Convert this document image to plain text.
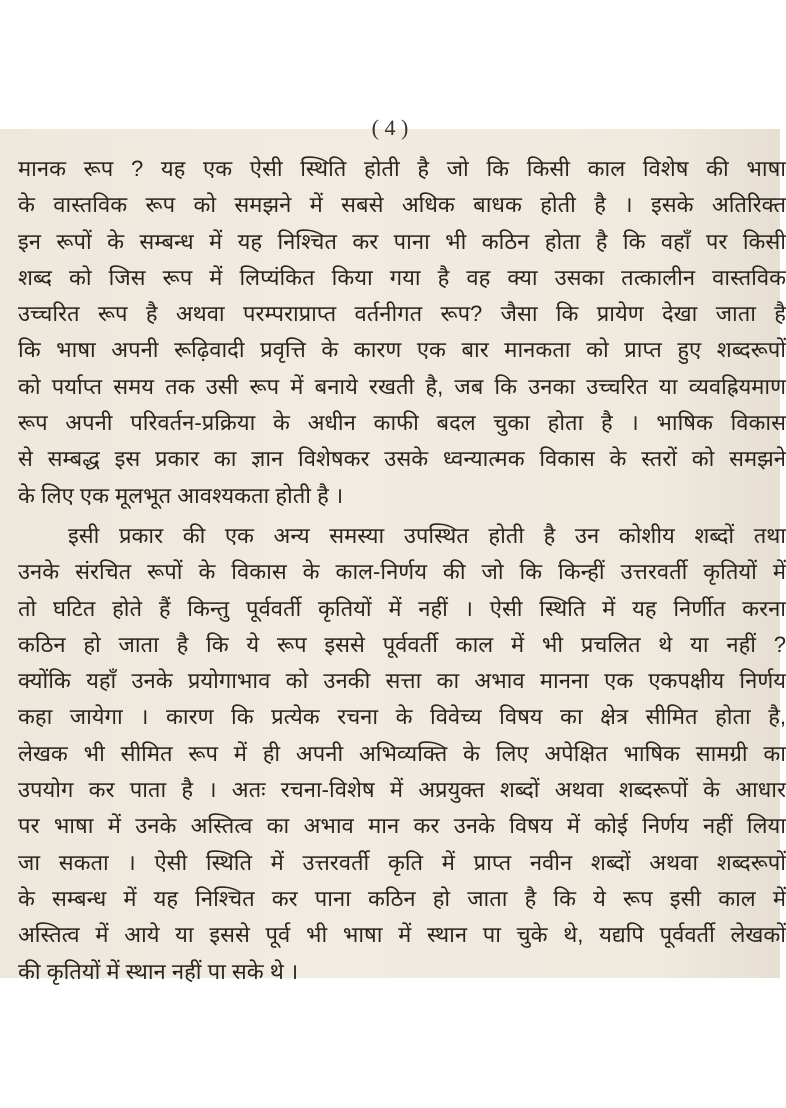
( 4 )
मानक रूप ? यह एक ऐसी स्थिति होती है जो कि किसी काल विशेष की भाषा
के वास्तविक रूप को समझने में सबसे अधिक बाधक होती है । इसके अतिरिक्त
इन रूपों के सम्बन्ध में यह निश्चित कर पाना भी कठिन होता है कि वहाँ पर किसी
शब्द को जिस रूप में लिप्यंकित किया गया है वह क्या उसका तत्कालीन वास्तविक
उच्चरित रूप है अथवा परम्पराप्राप्त वर्तनीगत रूप? जैसा कि प्रायेण देखा जाता है
कि भाषा अपनी रूढ़िवादी प्रवृत्ति के कारण एक बार मानकता को प्राप्त हुए शब्दरूपों
को पर्याप्त समय तक उसी रूप में बनाये रखती है, जब कि उनका उच्चरित या व्यवह्रियमाण
रूप अपनी परिवर्तन-प्रक्रिया के अधीन काफी बदल चुका होता है । भाषिक विकास
से सम्बद्ध इस प्रकार का ज्ञान विशेषकर उसके ध्वन्यात्मक विकास के स्तरों को समझने
के लिए एक मूलभूत आवश्यकता होती है ।
इसी प्रकार की एक अन्य समस्या उपस्थित होती है उन कोशीय शब्दों तथा
उनके संरचित रूपों के विकास के काल-निर्णय की जो कि किन्हीं उत्तरवर्ती कृतियों में
तो घटित होते हैं किन्तु पूर्ववर्ती कृतियों में नहीं । ऐसी स्थिति में यह निर्णीत करना
कठिन हो जाता है कि ये रूप इससे पूर्ववर्ती काल में भी प्रचलित थे या नहीं ?
क्योंकि यहाँ उनके प्रयोगाभाव को उनकी सत्ता का अभाव मानना एक एकपक्षीय निर्णय
कहा जायेगा । कारण कि प्रत्येक रचना के विवेच्य विषय का क्षेत्र सीमित होता है,
लेखक भी सीमित रूप में ही अपनी अभिव्यक्ति के लिए अपेक्षित भाषिक सामग्री का
उपयोग कर पाता है । अतः रचना-विशेष में अप्रयुक्त शब्दों अथवा शब्दरूपों के आधार
पर भाषा में उनके अस्तित्व का अभाव मान कर उनके विषय में कोई निर्णय नहीं लिया
जा सकता । ऐसी स्थिति में उत्तरवर्ती कृति में प्राप्त नवीन शब्दों अथवा शब्दरूपों
के सम्बन्ध में यह निश्चित कर पाना कठिन हो जाता है कि ये रूप इसी काल में
अस्तित्व में आये या इससे पूर्व भी भाषा में स्थान पा चुके थे, यद्यपि पूर्ववर्ती लेखकों
की कृतियों में स्थान नहीं पा सके थे ।
